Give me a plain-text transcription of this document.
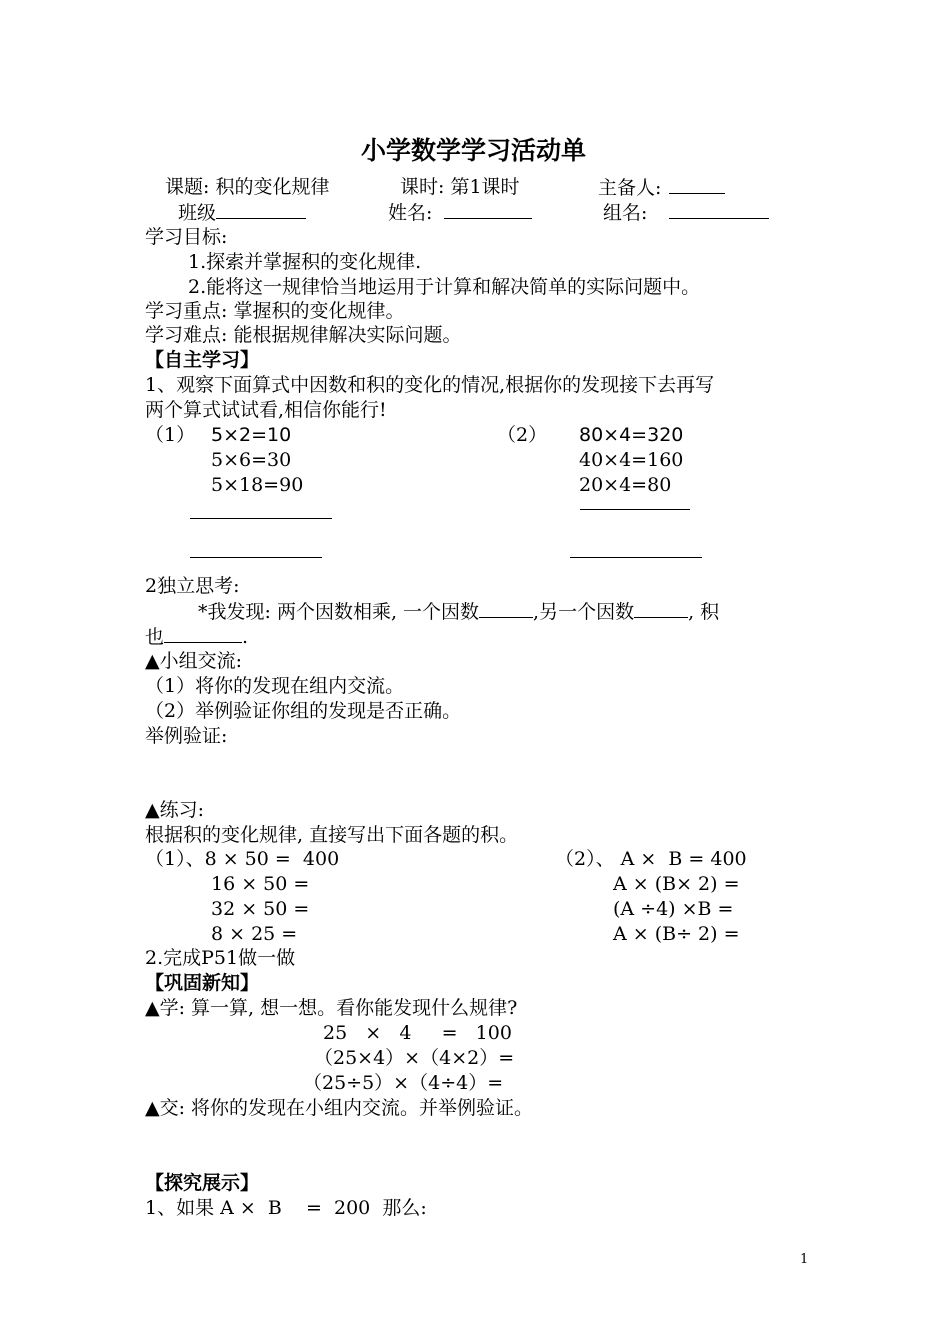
小学数学学习活动单
课题: 积的变化规律	课时: 第1课时	主备人:
班级	姓名:	组名:
学习目标:
1.探索并掌握积的变化规律.
2.能将这一规律恰当地运用于计算和解决简单的实际问题中。
学习重点: 掌握积的变化规律。
学习难点: 能根据规律解决实际问题。
【自主学习】
1、观察下面算式中因数和积的变化的情况,根据你的发现接下去再写
两个算式试试看,相信你能行!
（1） 5×2=10
5×6=30
5×18=90
（2） 80×4=320
40×4=160
20×4=80
2独立思考:
*我发现: 两个因数相乘, 一个因数	,另一个因数	, 积
也	.
▲小组交流:
（1）将你的发现在组内交流。
（2）举例验证你组的发现是否正确。
举例验证:
▲练习:
根据积的变化规律, 直接写出下面各题的积。
（1）、8 × 50 =  400
16 × 50 =
32 × 50 =
8 × 25 =
（2）、 A ×  B = 400
A × (B× 2) =
(A ÷4) ×B =
A × (B÷ 2) =
2.完成P51做一做
【巩固新知】
▲学: 算一算, 想一想。看你能发现什么规律?
25   ×   4     =   100
（25×4）×（4×2）=
（25÷5）×（4÷4）=
▲交: 将你的发现在小组内交流。并举例验证。
【探究展示】
1、如果 A ×  B    =  200  那么:
1
